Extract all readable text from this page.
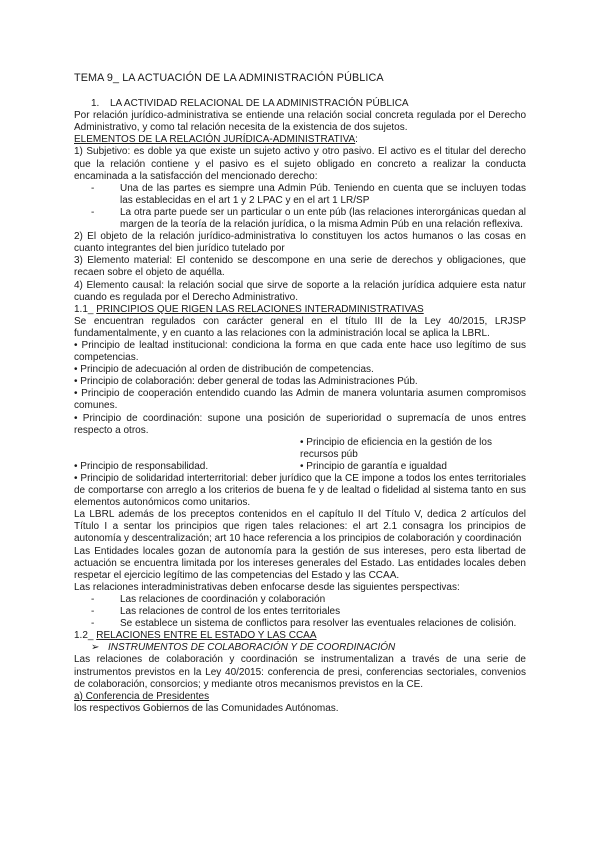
TEMA 9_ LA ACTUACIÓN DE LA ADMINISTRACIÓN PÚBLICA
1. LA ACTIVIDAD RELACIONAL DE LA ADMINISTRACIÓN PÚBLICA

Por relación jurídico-administrativa se entiende una relación social concreta regulada por el Derecho Administrativo, y como tal relación necesita de la existencia de dos sujetos.

ELEMENTOS DE LA RELACIÓN JURÍDICA-ADMINISTRATIVA:

1) Subjetivo: es doble ya que existe un sujeto activo y otro pasivo. El activo es el titular del derecho que la relación contiene y el pasivo es el sujeto obligado en concreto a realizar la conducta encaminada a la satisfacción del mencionado derecho:

-	Una de las partes es siempre una Admin Púb. Teniendo en cuenta que se incluyen todas las establecidas en el art 1 y 2 LPAC y en el art 1 LR/SP
-	La otra parte puede ser un particular o un ente púb (las relaciones interorgánicas quedan al margen de la teoría de la relación jurídica, o la misma Admin Púb en una relación reflexiva.

2) El objeto de la relación jurídico-administrativa lo constituyen los actos humanos o las cosas en cuanto integrantes del bien jurídico tutelado por

3) Elemento material: El contenido se descompone en una serie de derechos y obligaciones, que recaen sobre el objeto de aquélla.

4) Elemento causal: la relación social que sirve de soporte a la relación jurídica adquiere esta natur cuando es regulada por el Derecho Administrativo.

1.1_ PRINCIPIOS QUE RIGEN LAS RELACIONES INTERADMINISTRATIVAS

Se encuentran regulados con carácter general en el título III de la Ley 40/2015, LRJSP fundamentalmente, y en cuanto a las relaciones con la administración local se aplica la LBRL.

• Principio de lealtad institucional: condiciona la forma en que cada ente hace uso legítimo de sus competencias.

• Principio de adecuación al orden de distribución de competencias.

• Principio de colaboración: deber general de todas las Administraciones Púb.

• Principio de cooperación entendido cuando las Admin de manera voluntaria asumen compromisos comunes.

• Principio de coordinación: supone una posición de superioridad o supremacía de unos entres respecto a otros.

• Principio de eficiencia en la gestión de los recursos púb
• Principio de responsabilidad.	• Principio de garantía e igualdad

• Principio de solidaridad interterritorial: deber jurídico que la CE impone a todos los entes territoriales de comportarse con arreglo a los criterios de buena fe y de lealtad o fidelidad al sistema tanto en sus elementos autonómicos como unitarios.

La LBRL además de los preceptos contenidos en el capítulo II del Título V, dedica 2 artículos del Título I a sentar los principios que rigen tales relaciones: el art 2.1 consagra los principios de autonomía y descentralización; art 10 hace referencia a los principios de colaboración y coordinación

Las Entidades locales gozan de autonomía para la gestión de sus intereses, pero esta libertad de actuación se encuentra limitada por los intereses generales del Estado. Las entidades locales deben respetar el ejercicio legítimo de las competencias del Estado y las CCAA.

Las relaciones interadministrativas deben enfocarse desde las siguientes perspectivas:

-	Las relaciones de coordinación y colaboración
-	Las relaciones de control de los entes territoriales
-	Se establece un sistema de conflictos para resolver las eventuales relaciones de colisión.

1.2_ RELACIONES ENTRE EL ESTADO Y LAS CCAA

➢ INSTRUMENTOS DE COLABORACIÓN Y DE COORDINACIÓN

Las relaciones de colaboración y coordinación se instrumentalizan a través de una serie de instrumentos previstos en la Ley 40/2015: conferencia de presi, conferencias sectoriales, convenios de colaboración, consorcios; y mediante otros mecanismos previstos en la CE.

a) Conferencia de Presidentes

los respectivos Gobiernos de las Comunidades Autónomas.
